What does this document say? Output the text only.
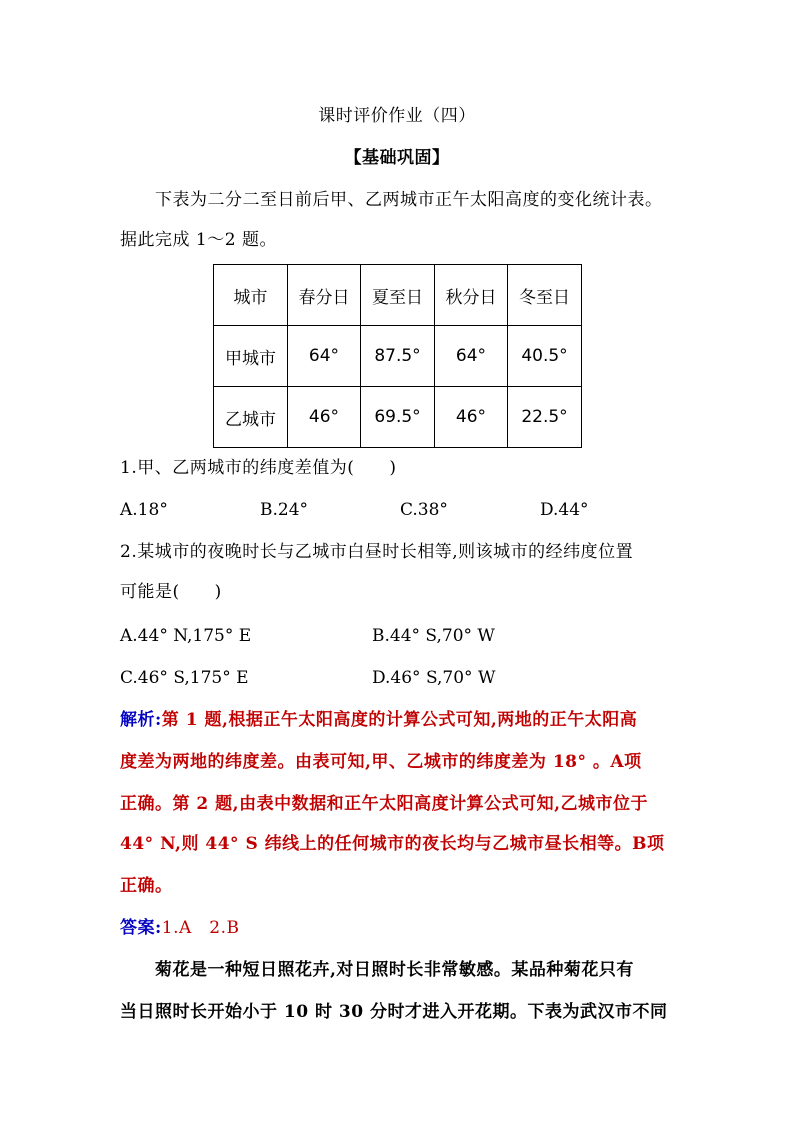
课时评价作业（四）
【基础巩固】
下表为二分二至日前后甲、乙两城市正午太阳高度的变化统计表。
据此完成 1～2 题。
城市	春分日	夏至日	秋分日	冬至日
甲城市	64°	87.5°	64°	40.5°
乙城市	46°	69.5°	46°	22.5°
1.甲、乙两城市的纬度差值为(　　)
A.18°	B.24°	C.38°	D.44°
2.某城市的夜晚时长与乙城市白昼时长相等,则该城市的经纬度位置
可能是(　　)
A.44° N,175° E	B.44° S,70° W
C.46° S,175° E	D.46° S,70° W
解析:第 1 题,根据正午太阳高度的计算公式可知,两地的正午太阳高
度差为两地的纬度差。由表可知,甲、乙城市的纬度差为 18° 。A项
正确。第 2 题,由表中数据和正午太阳高度计算公式可知,乙城市位于
44° N,则 44° S 纬线上的任何城市的夜长均与乙城市昼长相等。B项
正确。
答案:1.A　2.B
菊花是一种短日照花卉,对日照时长非常敏感。某品种菊花只有
当日照时长开始小于 10 时 30 分时才进入开花期。下表为武汉市不同
